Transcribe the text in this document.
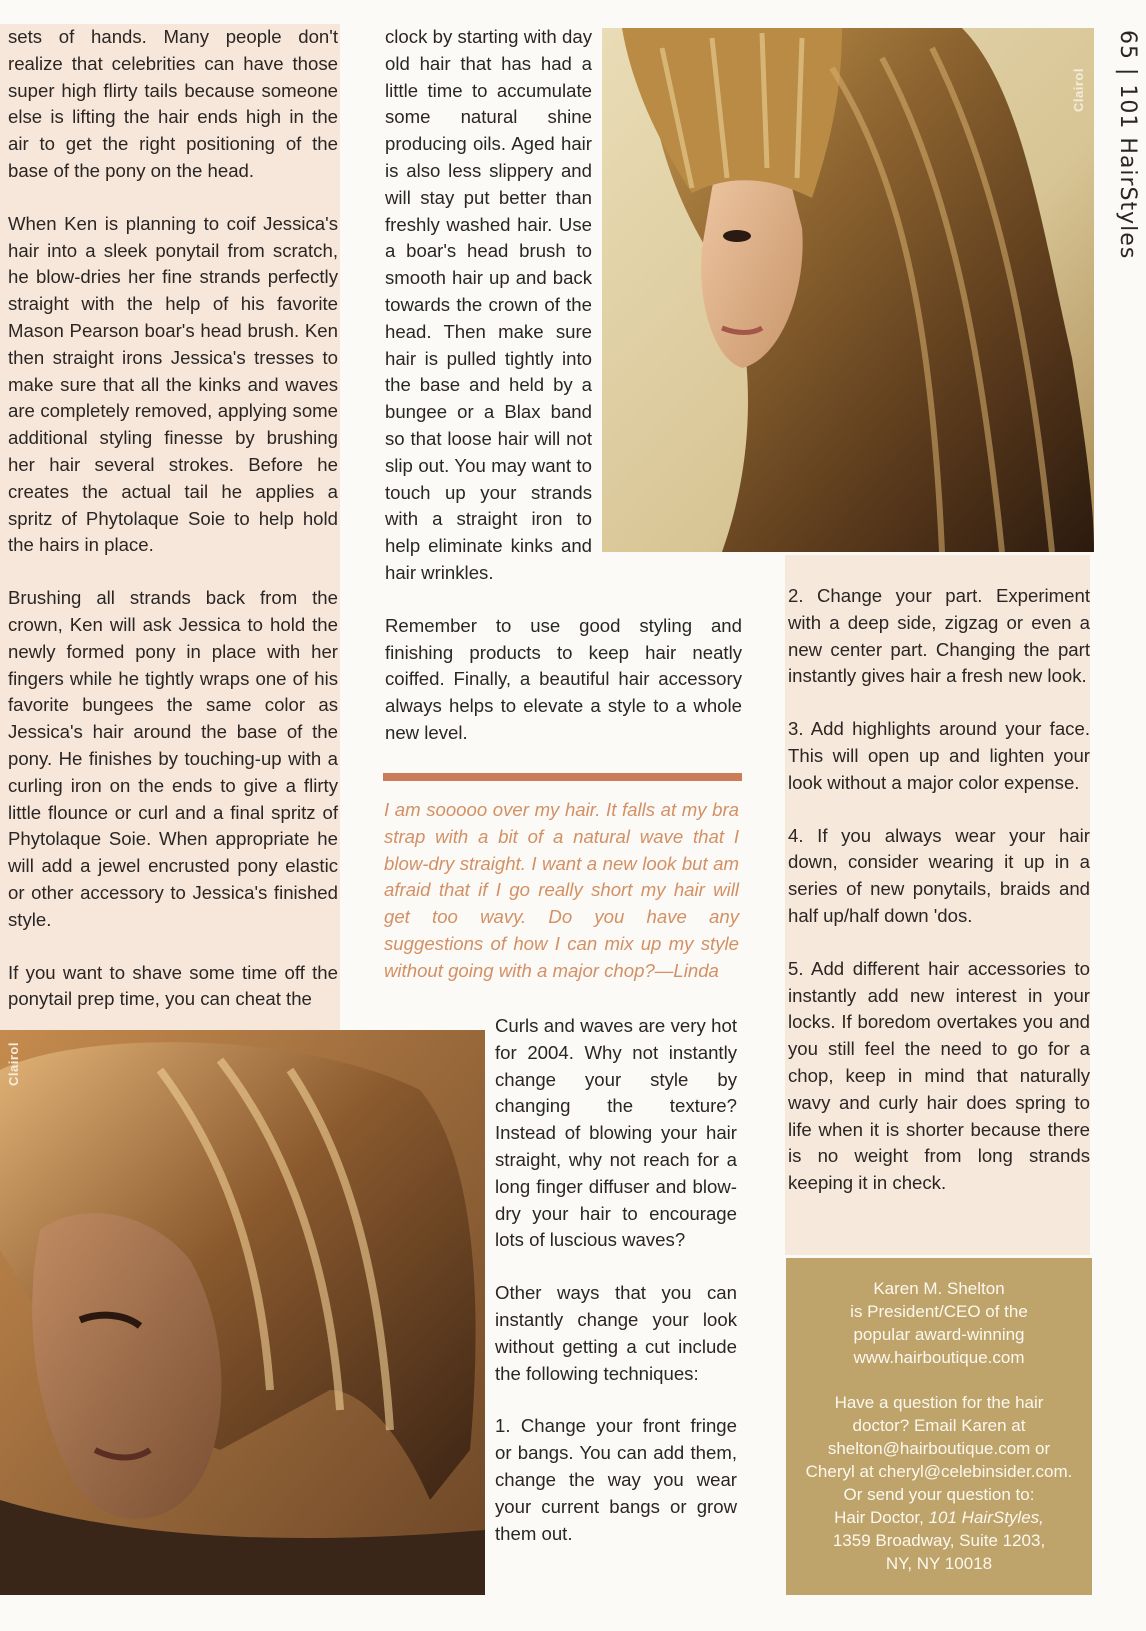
65 | 101 HairStyles

sets of hands. Many people don't realize that celebrities can have those super high flirty tails because someone else is lifting the hair ends high in the air to get the right positioning of the base of the pony on the head.

When Ken is planning to coif Jessica's hair into a sleek ponytail from scratch, he blow-dries her fine strands perfectly straight with the help of his favorite Mason Pearson boar's head brush. Ken then straight irons Jessica's tresses to make sure that all the kinks and waves are completely removed, applying some additional styling finesse by brushing her hair several strokes. Before he creates the actual tail he applies a spritz of Phytolaque Soie to help hold the hairs in place.

Brushing all strands back from the crown, Ken will ask Jessica to hold the newly formed pony in place with her fingers while he tightly wraps one of his favorite bungees the same color as Jessica's hair around the base of the pony. He finishes by touching-up with a curling iron on the ends to give a flirty little flounce or curl and a final spritz of Phytolaque Soie. When appropriate he will add a jewel encrusted pony elastic or other accessory to Jessica's finished style.

If you want to shave some time off the ponytail prep time, you can cheat the

clock by starting with day old hair that has had a little time to accumulate some natural shine producing oils. Aged hair is also less slippery and will stay put better than freshly washed hair. Use a boar's head brush to smooth hair up and back towards the crown of the head. Then make sure hair is pulled tightly into the base and held by a bungee or a Blax band so that loose hair will not slip out. You may want to touch up your strands with a straight iron to help eliminate kinks and hair wrinkles.

Remember to use good styling and finishing products to keep hair neatly coiffed. Finally, a beautiful hair accessory always helps to elevate a style to a whole new level.

Clairol
I am sooooo over my hair. It falls at my bra strap with a bit of a natural wave that I blow-dry straight. I want a new look but am afraid that if I go really short my hair will get too wavy. Do you have any suggestions of how I can mix up my style without going with a major chop?—Linda
Clairol

Curls and waves are very hot for 2004. Why not instantly change your style by changing the texture? Instead of blowing your hair straight, why not reach for a long finger diffuser and blow-dry your hair to encourage lots of luscious waves?

Other ways that you can instantly change your look without getting a cut include the following techniques:

1. Change your front fringe or bangs. You can add them, change the way you wear your current bangs or grow them out.

2. Change your part. Experiment with a deep side, zigzag or even a new center part. Changing the part instantly gives hair a fresh new look.

3. Add highlights around your face. This will open up and lighten your look without a major color expense.

4. If you always wear your hair down, consider wearing it up in a series of new ponytails, braids and half up/half down 'dos.

5. Add different hair accessories to instantly add new interest in your locks. If boredom overtakes you and you still feel the need to go for a chop, keep in mind that naturally wavy and curly hair does spring to life when it is shorter because there is no weight from long strands keeping it in check.

Karen M. Shelton
is President/CEO of the
popular award-winning
www.hairboutique.com

Have a question for the hair
doctor? Email Karen at
shelton@hairboutique.com or
Cheryl at cheryl@celebinsider.com.
Or send your question to:
Hair Doctor, 101 HairStyles,
1359 Broadway, Suite 1203,
NY, NY 10018
